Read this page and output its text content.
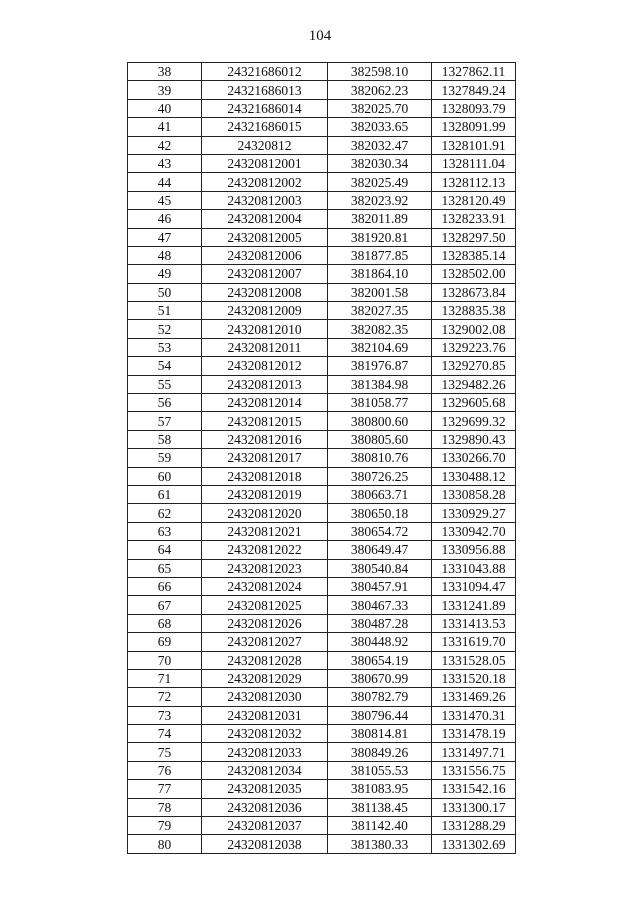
104
38	24321686012	382598.10	1327862.11
39	24321686013	382062.23	1327849.24
40	24321686014	382025.70	1328093.79
41	24321686015	382033.65	1328091.99
42	24320812	382032.47	1328101.91
43	24320812001	382030.34	1328111.04
44	24320812002	382025.49	1328112.13
45	24320812003	382023.92	1328120.49
46	24320812004	382011.89	1328233.91
47	24320812005	381920.81	1328297.50
48	24320812006	381877.85	1328385.14
49	24320812007	381864.10	1328502.00
50	24320812008	382001.58	1328673.84
51	24320812009	382027.35	1328835.38
52	24320812010	382082.35	1329002.08
53	24320812011	382104.69	1329223.76
54	24320812012	381976.87	1329270.85
55	24320812013	381384.98	1329482.26
56	24320812014	381058.77	1329605.68
57	24320812015	380800.60	1329699.32
58	24320812016	380805.60	1329890.43
59	24320812017	380810.76	1330266.70
60	24320812018	380726.25	1330488.12
61	24320812019	380663.71	1330858.28
62	24320812020	380650.18	1330929.27
63	24320812021	380654.72	1330942.70
64	24320812022	380649.47	1330956.88
65	24320812023	380540.84	1331043.88
66	24320812024	380457.91	1331094.47
67	24320812025	380467.33	1331241.89
68	24320812026	380487.28	1331413.53
69	24320812027	380448.92	1331619.70
70	24320812028	380654.19	1331528.05
71	24320812029	380670.99	1331520.18
72	24320812030	380782.79	1331469.26
73	24320812031	380796.44	1331470.31
74	24320812032	380814.81	1331478.19
75	24320812033	380849.26	1331497.71
76	24320812034	381055.53	1331556.75
77	24320812035	381083.95	1331542.16
78	24320812036	381138.45	1331300.17
79	24320812037	381142.40	1331288.29
80	24320812038	381380.33	1331302.69
